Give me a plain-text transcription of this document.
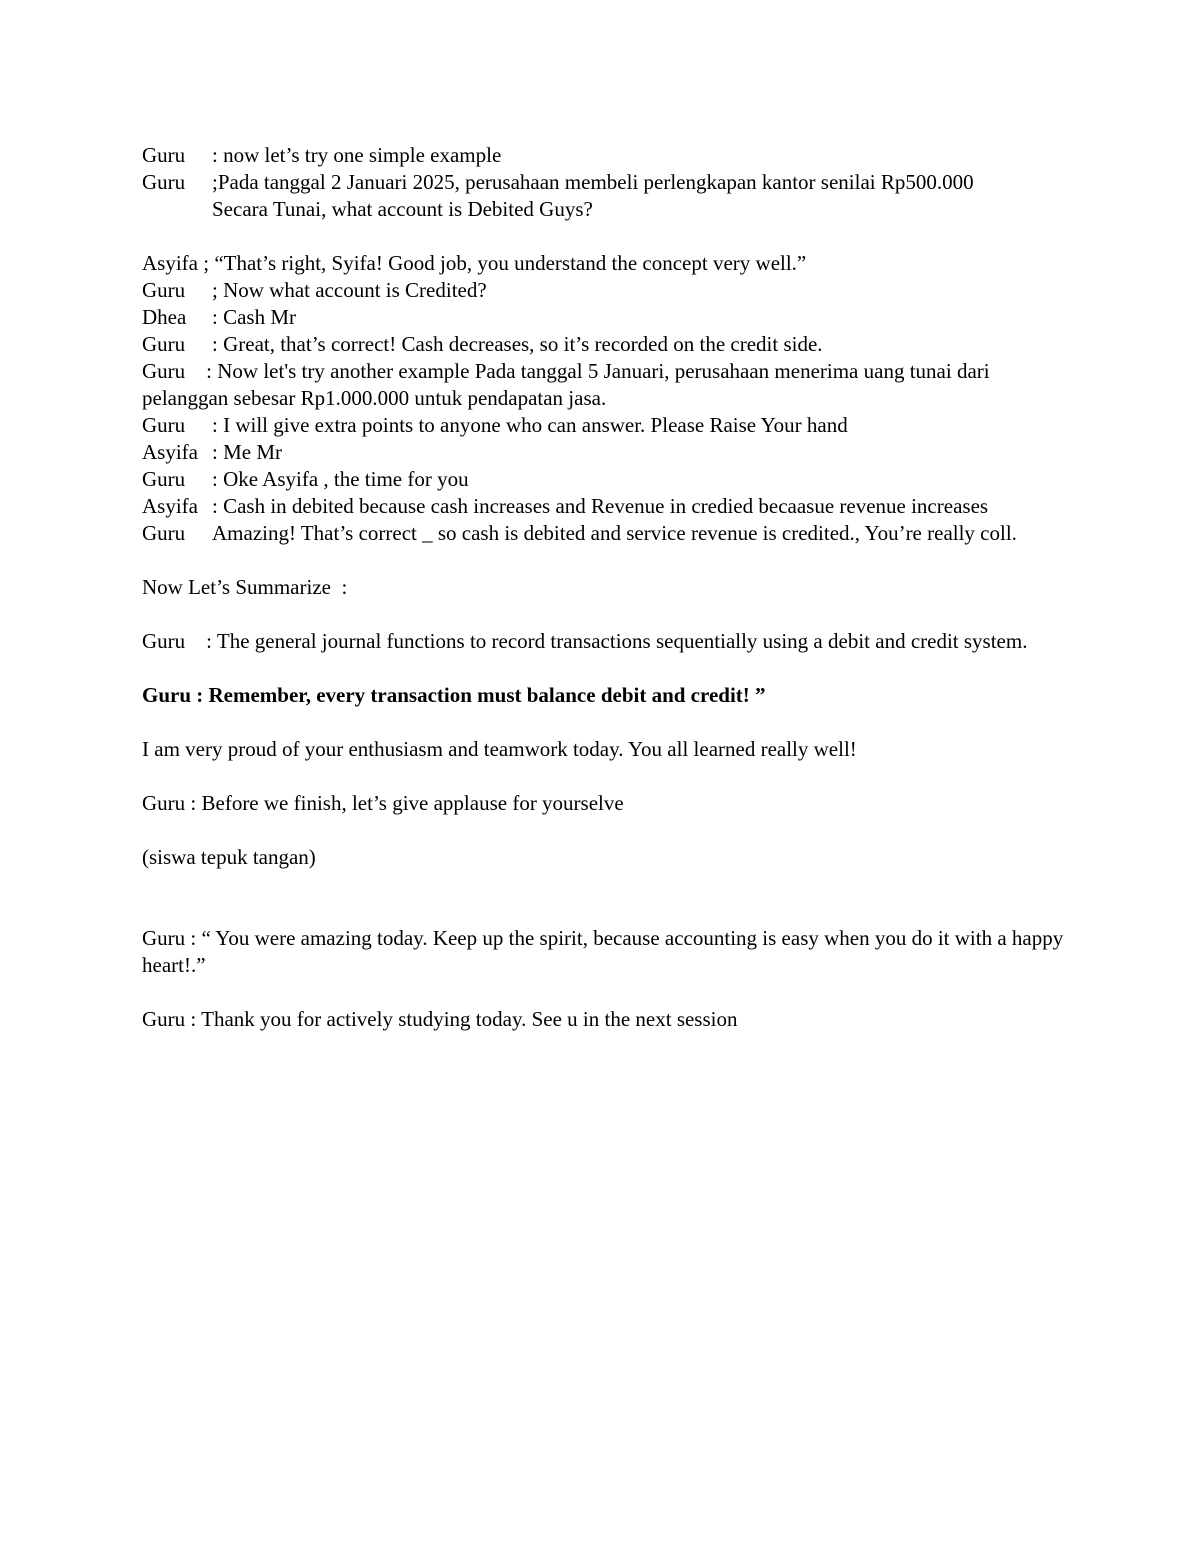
Guru	: now let’s try one simple example
Guru	;Pada tanggal 2 Januari 2025, perusahaan membeli perlengkapan kantor senilai Rp500.000 Secara Tunai, what account is Debited Guys?
Asyifa ; “That’s right, Syifa! Good job, you understand the concept very well.”
Guru	; Now what account is Credited?
Dhea	: Cash Mr
Guru	: Great, that’s correct! Cash decreases, so it’s recorded on the credit side.
Guru    : Now let's try another example Pada tanggal 5 Januari, perusahaan menerima uang tunai dari pelanggan sebesar Rp1.000.000 untuk pendapatan jasa.
Guru	: I will give extra points to anyone who can answer. Please Raise Your hand
Asyifa : Me Mr
Guru	: Oke Asyifa , the time for you
Asyifa : Cash in debited because cash increases and Revenue in credied becaasue revenue increases
Guru	Amazing! That’s correct _ so cash is debited and service revenue is credited., You’re really coll.
Now Let’s Summarize  :
Guru    : The general journal functions to record transactions sequentially using a debit and credit system.
Guru : Remember, every transaction must balance debit and credit! ”
I am very proud of your enthusiasm and teamwork today. You all learned really well!
Guru : Before we finish, let’s give applause for yourselve
(siswa tepuk tangan)
Guru : “ You were amazing today. Keep up the spirit, because accounting is easy when you do it with a happy heart!.”
Guru : Thank you for actively studying today. See u in the next session
